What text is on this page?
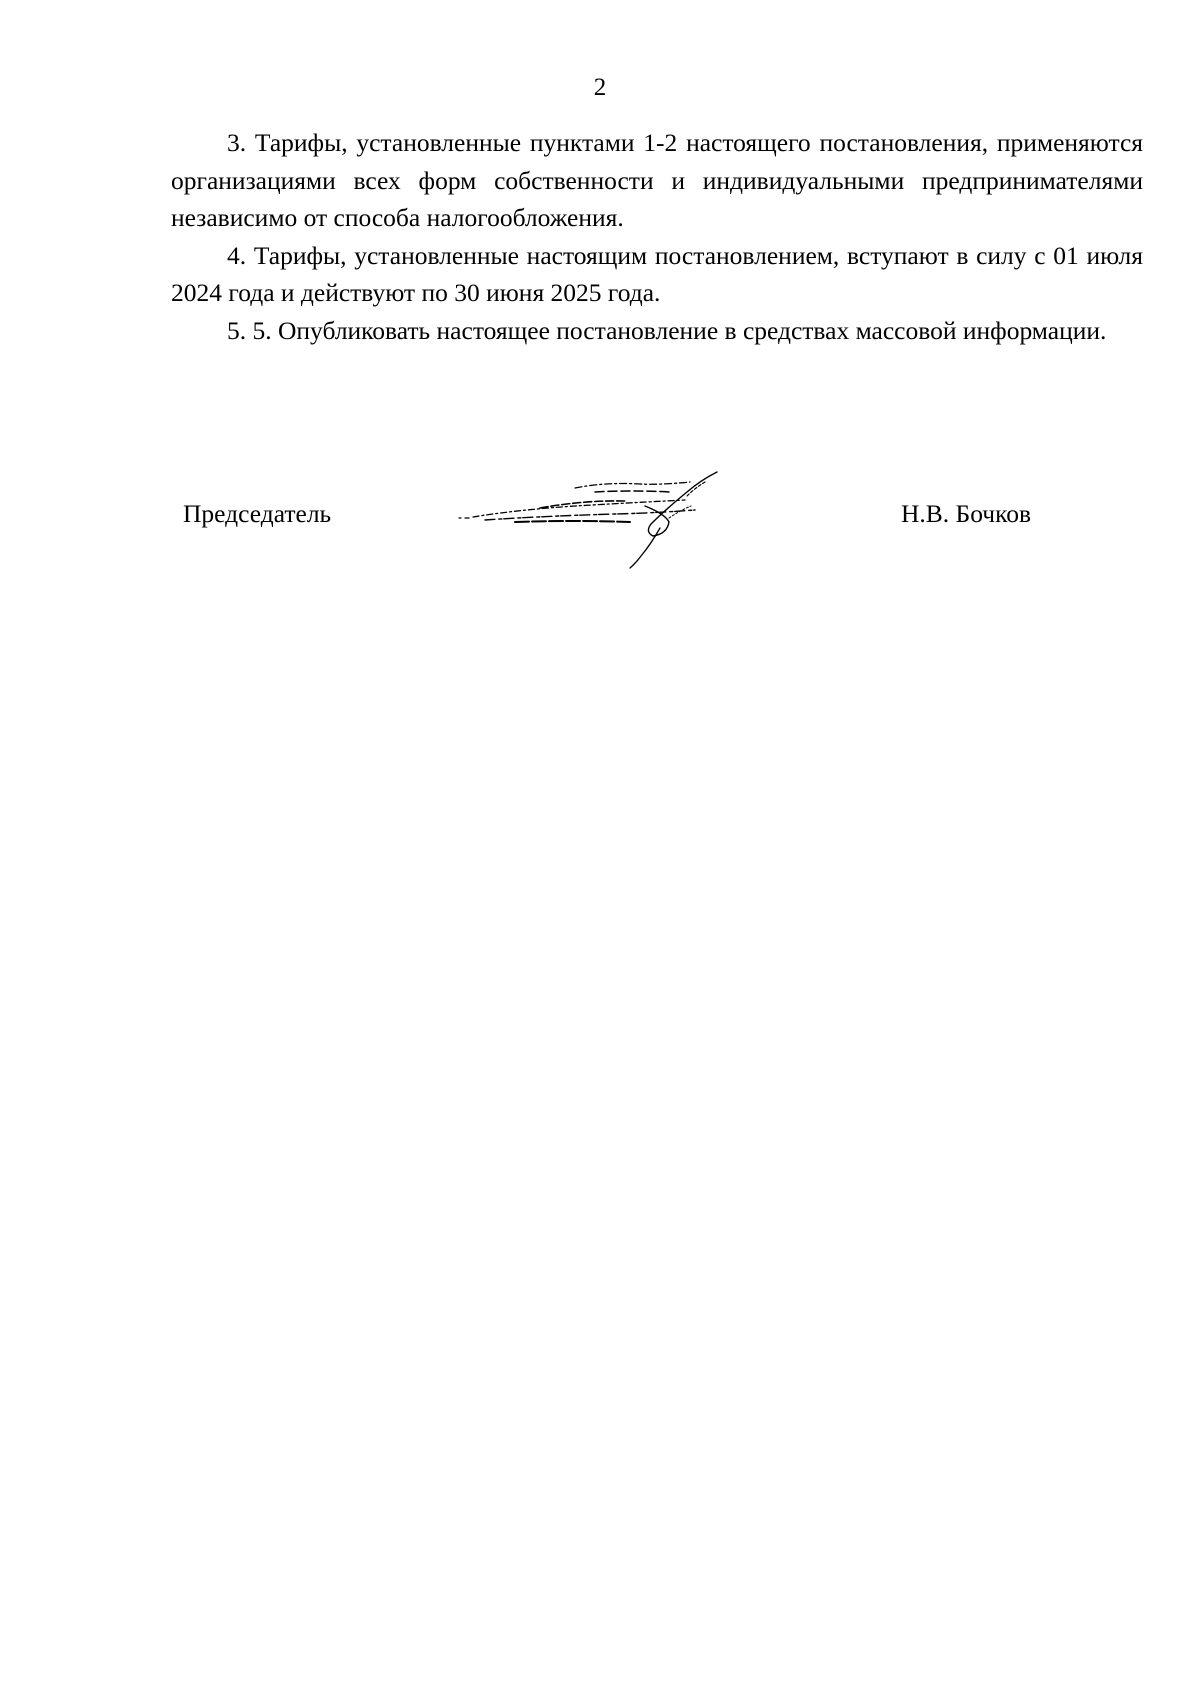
2

3. Тарифы, установленные пунктами 1-2 настоящего постановления, применяются организациями всех форм собственности и индивидуальными предпринимателями независимо от способа налогообложения.

4. Тарифы, установленные настоящим постановлением, вступают в силу с 01 июля 2024 года и действуют по 30 июня 2025 года.

5. 5. Опубликовать настоящее постановление в средствах массовой информации.

Председатель	Н.В. Бочков
